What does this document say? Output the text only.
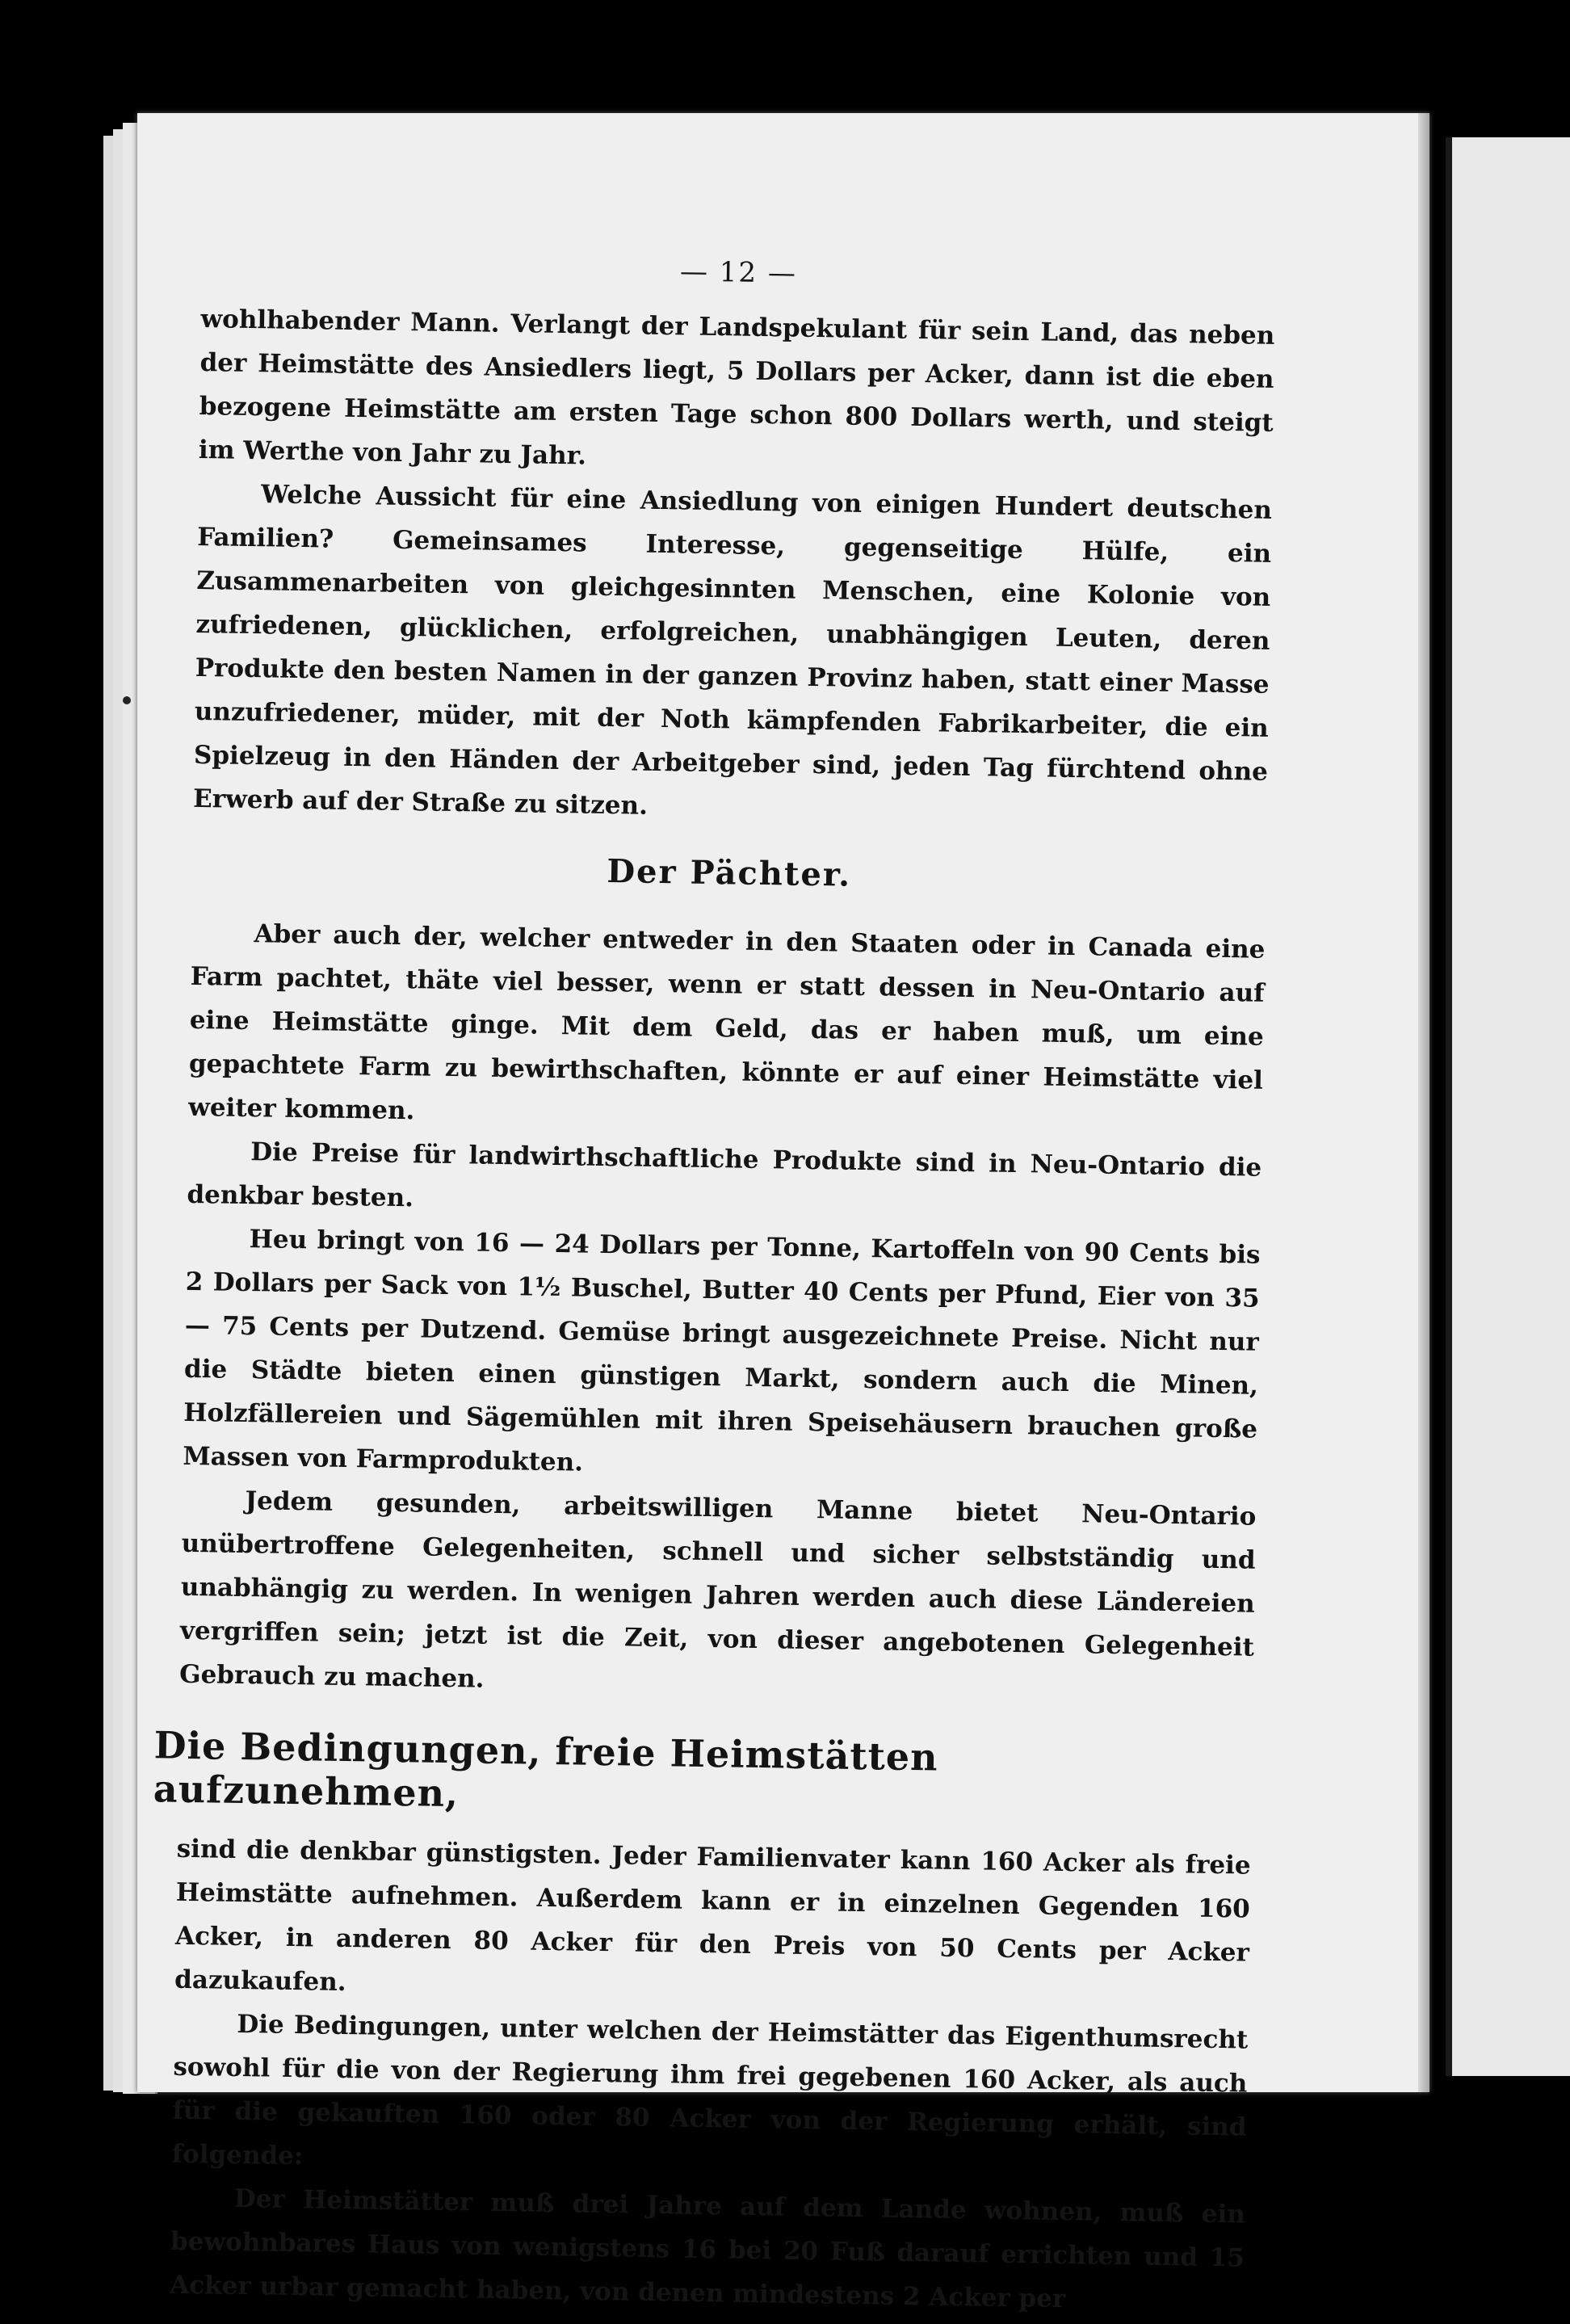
— 12 —

wohlhabender Mann. Verlangt der Landspekulant für sein Land, das neben der Heimstätte des Ansiedlers liegt, 5 Dollars per Acker, dann ist die eben bezogene Heimstätte am ersten Tage schon 800 Dollars werth, und steigt im Werthe von Jahr zu Jahr.

Welche Aussicht für eine Ansiedlung von einigen Hundert deutschen Familien? Gemeinsames Interesse, gegenseitige Hülfe, ein Zusammenarbeiten von gleichgesinnten Menschen, eine Kolonie von zufriedenen, glücklichen, erfolgreichen, unabhängigen Leuten, deren Produkte den besten Namen in der ganzen Provinz haben, statt einer Masse unzufriedener, müder, mit der Noth kämpfenden Fabrikarbeiter, die ein Spielzeug in den Händen der Arbeitgeber sind, jeden Tag fürchtend ohne Erwerb auf der Straße zu sitzen.

Der Pächter.

Aber auch der, welcher entweder in den Staaten oder in Canada eine Farm pachtet, thäte viel besser, wenn er statt dessen in Neu-Ontario auf eine Heimstätte ginge. Mit dem Geld, das er haben muß, um eine gepachtete Farm zu bewirthschaften, könnte er auf einer Heimstätte viel weiter kommen.

Die Preise für landwirthschaftliche Produkte sind in Neu-Ontario die denkbar besten.

Heu bringt von 16 — 24 Dollars per Tonne, Kartoffeln von 90 Cents bis 2 Dollars per Sack von 1½ Buschel, Butter 40 Cents per Pfund, Eier von 35 — 75 Cents per Dutzend. Gemüse bringt ausgezeichnete Preise. Nicht nur die Städte bieten einen günstigen Markt, sondern auch die Minen, Holzfällereien und Sägemühlen mit ihren Speisehäusern brauchen große Massen von Farmprodukten.

Jedem gesunden, arbeitswilligen Manne bietet Neu-Ontario unübertroffene Gelegenheiten, schnell und sicher selbstständig und unabhängig zu werden. In wenigen Jahren werden auch diese Ländereien vergriffen sein; jetzt ist die Zeit, von dieser angebotenen Gelegenheit Gebrauch zu machen.

Die Bedingungen, freie Heimstätten aufzunehmen,

sind die denkbar günstigsten. Jeder Familienvater kann 160 Acker als freie Heimstätte aufnehmen. Außerdem kann er in einzelnen Gegenden 160 Acker, in anderen 80 Acker für den Preis von 50 Cents per Acker dazukaufen.

Die Bedingungen, unter welchen der Heimstätter das Eigenthumsrecht sowohl für die von der Regierung ihm frei gegebenen 160 Acker, als auch für die gekauften 160 oder 80 Acker von der Regierung erhält, sind folgende:

Der Heimstätter muß drei Jahre auf dem Lande wohnen, muß ein bewohnbares Haus von wenigstens 16 bei 20 Fuß darauf errichten und 15 Acker urbar gemacht haben, von denen mindestens 2 Acker per
